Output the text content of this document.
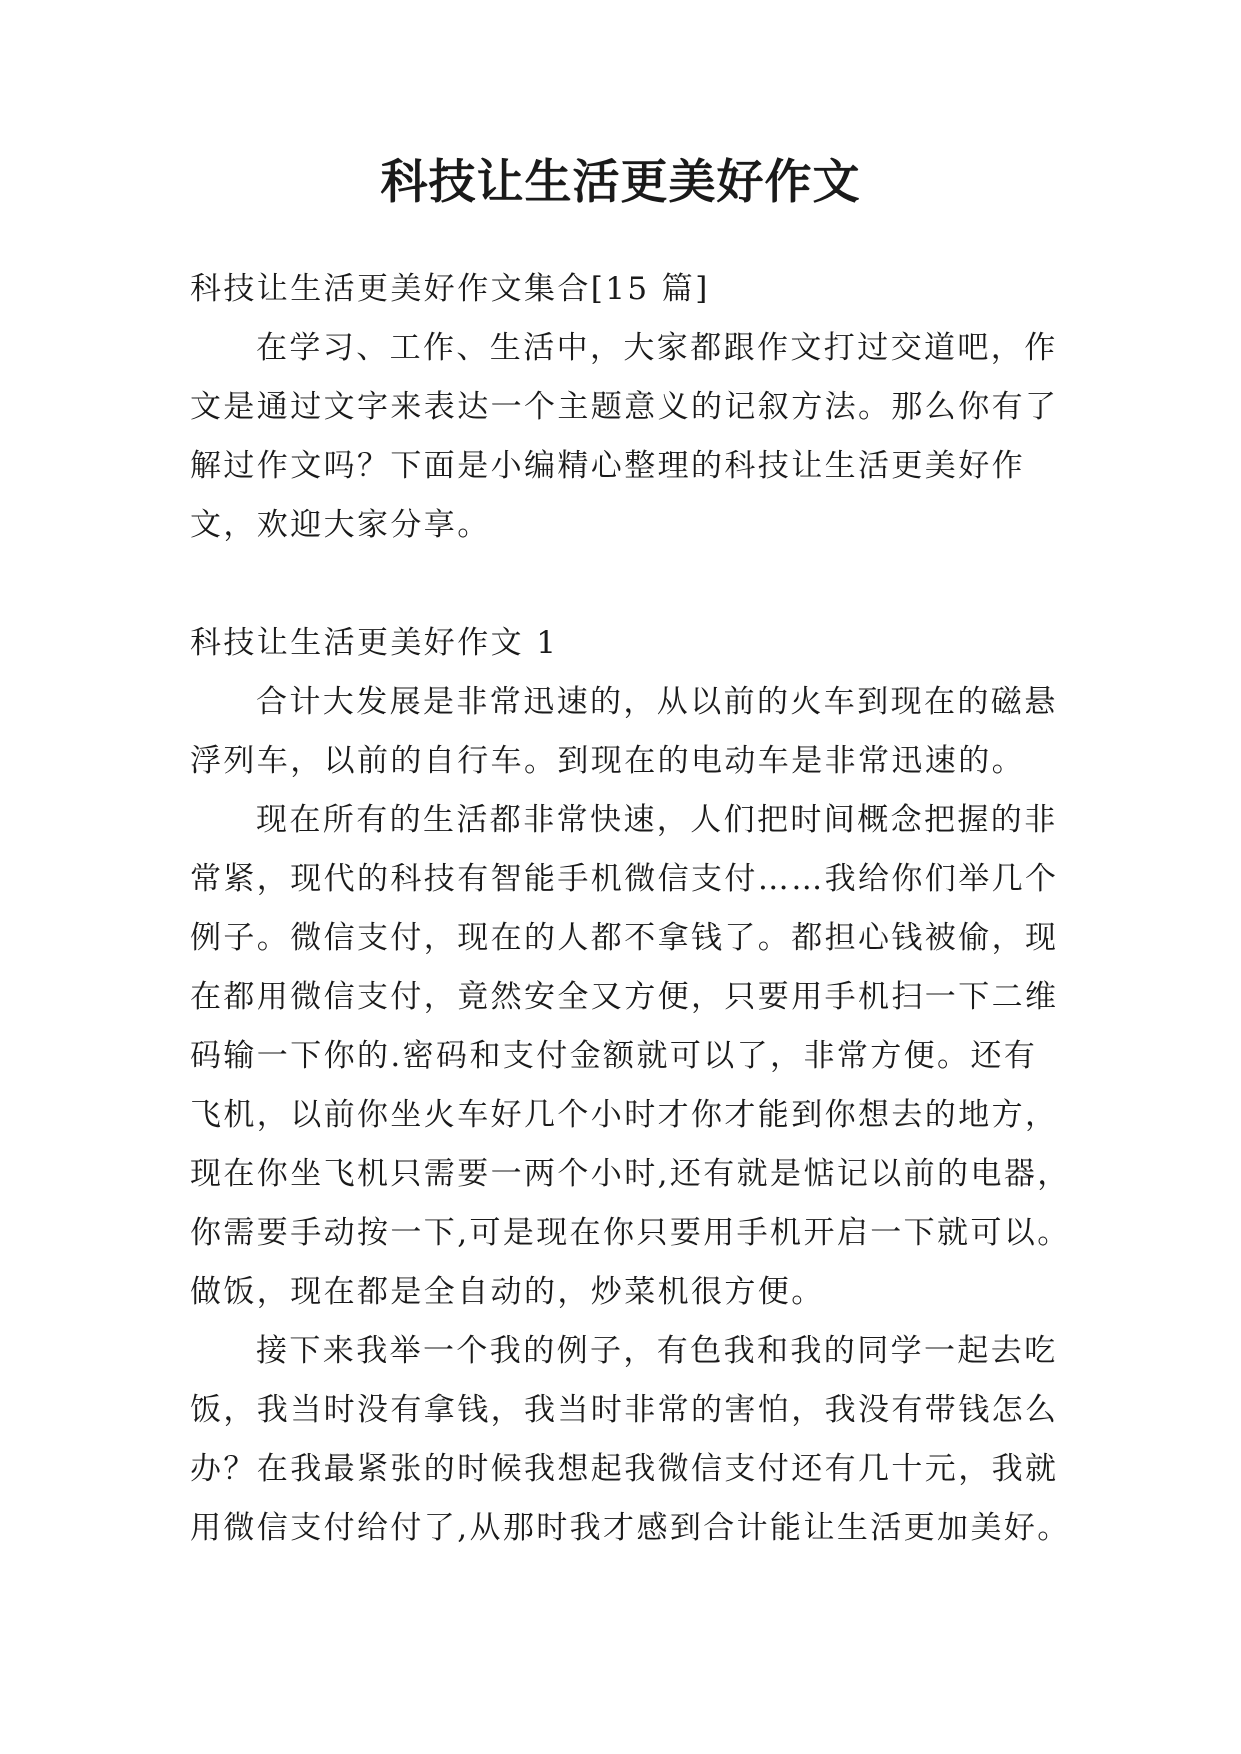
科技让生活更美好作文
科技让生活更美好作文集合[15 篇]
在学习、工作、生活中，大家都跟作文打过交道吧，作
文是通过文字来表达一个主题意义的记叙方法。那么你有了
解过作文吗？下面是小编精心整理的科技让生活更美好作
文，欢迎大家分享。
科技让生活更美好作文 1
合计大发展是非常迅速的，从以前的火车到现在的磁悬
浮列车，以前的自行车。到现在的电动车是非常迅速的。
现在所有的生活都非常快速，人们把时间概念把握的非
常紧，现代的科技有智能手机微信支付……我给你们举几个
例子。微信支付，现在的人都不拿钱了。都担心钱被偷，现
在都用微信支付，竟然安全又方便，只要用手机扫一下二维
码输一下你的.密码和支付金额就可以了，非常方便。还有
飞机，以前你坐火车好几个小时才你才能到你想去的地方，
现在你坐飞机只需要一两个小时,还有就是惦记以前的电器，
你需要手动按一下,可是现在你只要用手机开启一下就可以。
做饭，现在都是全自动的，炒菜机很方便。
接下来我举一个我的例子，有色我和我的同学一起去吃
饭，我当时没有拿钱，我当时非常的害怕，我没有带钱怎么
办？在我最紧张的时候我想起我微信支付还有几十元，我就
用微信支付给付了,从那时我才感到合计能让生活更加美好。
